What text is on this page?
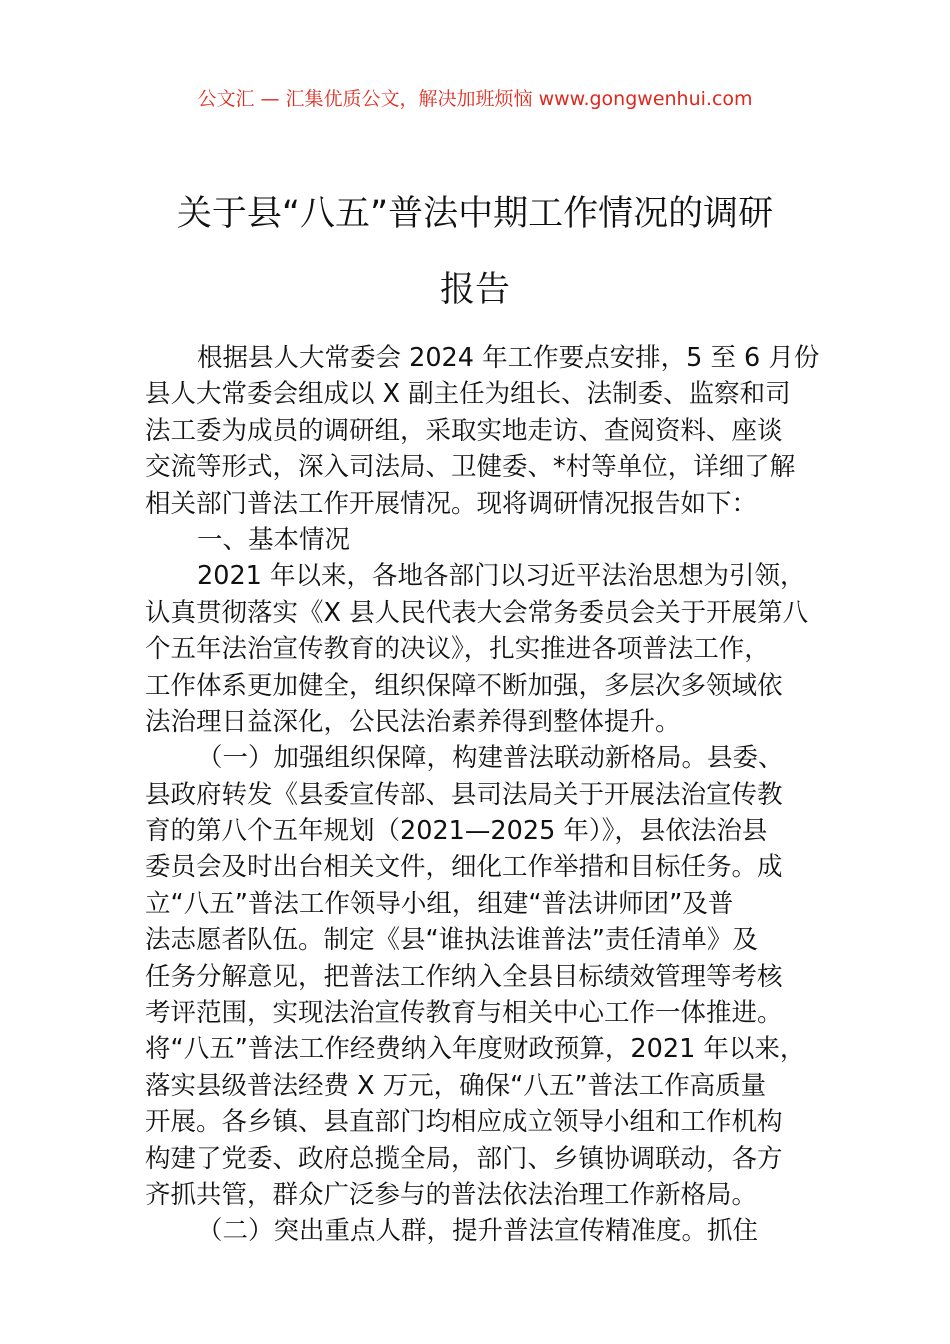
公文汇 — 汇集优质公文，解决加班烦恼 www.gongwenhui.com
关于县“八五”普法中期工作情况的调研
报告
根据县人大常委会 2024 年工作要点安排，5 至 6 月份
县人大常委会组成以 X 副主任为组长、法制委、监察和司
法工委为成员的调研组，采取实地走访、查阅资料、座谈
交流等形式，深入司法局、卫健委、*村等单位，详细了解
相关部门普法工作开展情况。现将调研情况报告如下：
一、基本情况
2021 年以来，各地各部门以习近平法治思想为引领，
认真贯彻落实《X 县人民代表大会常务委员会关于开展第八
个五年法治宣传教育的决议》，扎实推进各项普法工作，
工作体系更加健全，组织保障不断加强，多层次多领域依
法治理日益深化，公民法治素养得到整体提升。
（一）加强组织保障，构建普法联动新格局。县委、
县政府转发《县委宣传部、县司法局关于开展法治宣传教
育的第八个五年规划（2021—2025 年）》，县依法治县
委员会及时出台相关文件，细化工作举措和目标任务。成
立“八五”普法工作领导小组，组建“普法讲师团”及普
法志愿者队伍。制定《县“谁执法谁普法”责任清单》及
任务分解意见，把普法工作纳入全县目标绩效管理等考核
考评范围，实现法治宣传教育与相关中心工作一体推进。
将“八五”普法工作经费纳入年度财政预算，2021 年以来，
落实县级普法经费 X 万元，确保“八五”普法工作高质量
开展。各乡镇、县直部门均相应成立领导小组和工作机构
构建了党委、政府总揽全局，部门、乡镇协调联动，各方
齐抓共管，群众广泛参与的普法依法治理工作新格局。
（二）突出重点人群，提升普法宣传精准度。抓住
